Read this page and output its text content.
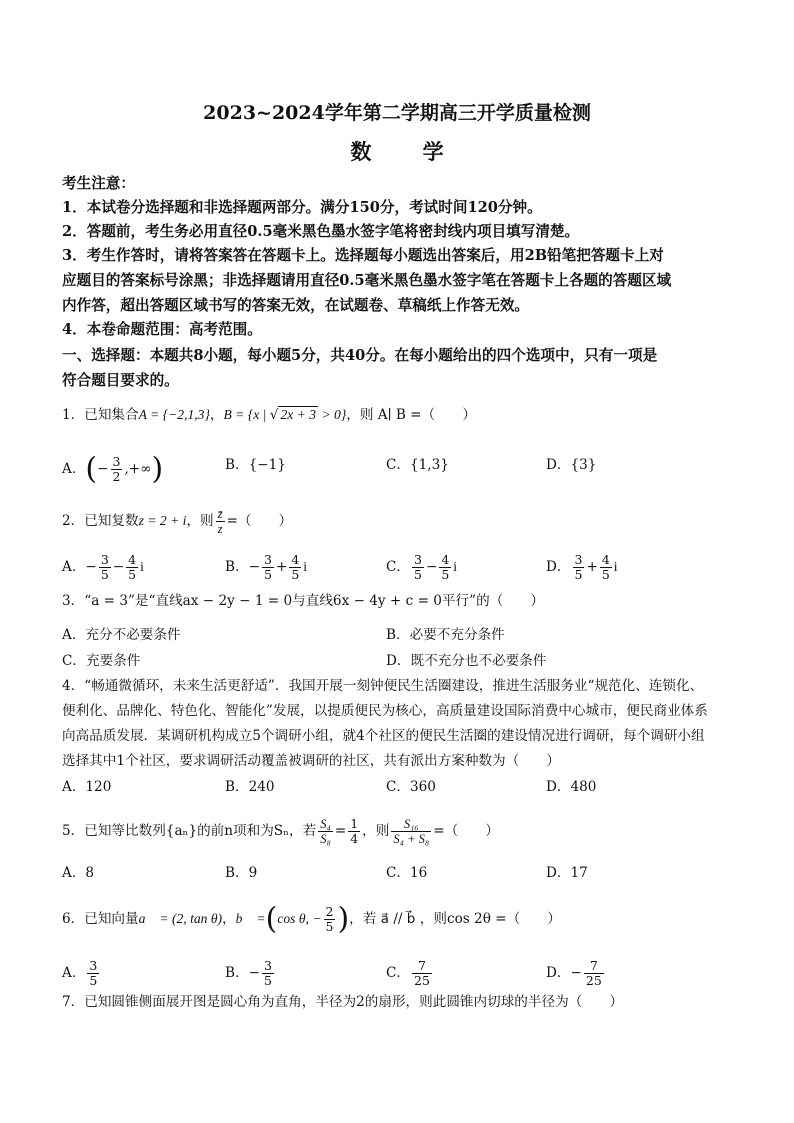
2023~2024学年第二学期高三开学质量检测
数 学
考生注意：
1．本试卷分选择题和非选择题两部分。满分150分，考试时间120分钟。
2．答题前，考生务必用直径0.5毫米黑色墨水签字笔将密封线内项目填写清楚。
3．考生作答时，请将答案答在答题卡上。选择题每小题选出答案后，用2B铅笔把答题卡上对
应题目的答案标号涂黑；非选择题请用直径0.5毫米黑色墨水签字笔在答题卡上各题的答题区域
内作答，超出答题区域书写的答案无效，在试题卷、草稿纸上作答无效。
4．本卷命题范围：高考范围。
一、选择题：本题共8小题，每小题5分，共40分。在每小题给出的四个选项中，只有一项是
符合题目要求的。
1．已知集合A = {−2,1,3}，B = {x | √ 2x + 3 > 0}，则 A∣ B =（　　）
A．(− $\frac{3}{2}$ ,+∞)	B．{−1}	C．{1,3}	D．{3}
2．已知复数z = 2 + i，则 $\frac{z̄}{z}$ =（　　）
A．− $\frac{3}{5} - \frac{4}{5}$ i	B．− $\frac{3}{5} + \frac{4}{5}$ i	C． $\frac{3}{5} - \frac{4}{5}$ i	D． $\frac{3}{5} + \frac{4}{5}$ i
3．“a = 3”是“直线ax − 2y − 1 = 0与直线6x − 4y + c = 0平行”的（　　）
A．充分不必要条件	B．必要不充分条件
C．充要条件	D．既不充分也不必要条件
4．“畅通微循环，未来生活更舒适”．我国开展一刻钟便民生活圈建设，推进生活服务业“规范化、连锁化、
便利化、品牌化、特色化、智能化”发展，以提质便民为核心，高质量建设国际消费中心城市，便民商业体系
向高品质发展．某调研机构成立5个调研小组，就4个社区的便民生活圈的建设情况进行调研，每个调研小组
选择其中1个社区，要求调研活动覆盖被调研的社区，共有派出方案种数为（　　）
A．120	B．240	C．360	D．480
5．已知等比数列{aₙ}的前n项和为Sₙ，若 $\frac{\text{S₄}}{\text{S₈}} = \frac{1}{4}$ ，则 $\frac{\text{S₁₆}}{\text{S₄ + S₈}}$ =（　　）
A．8	B．9	C．16	D．17
6．已知向量a⃗ = (2, tan θ)，b⃗ =(cos θ, − $\frac{2}{5}$ )，若 a⃗ // b⃗ ，则cos 2θ =（　　）
A． $\frac{3}{5}$	B．− $\frac{3}{5}$	C． $\frac{7}{25}$	D．− $\frac{7}{25}$
7．已知圆锥侧面展开图是圆心角为直角，半径为2的扇形，则此圆锥内切球的半径为（　　）
